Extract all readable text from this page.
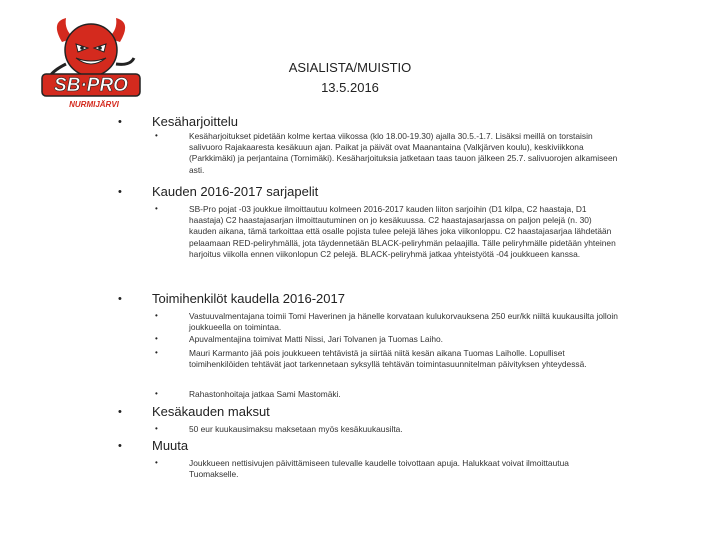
SB·PRO
NURMIJÄRVI
ASIALISTA/MUISTIO
13.5.2016
• Kesäharjoittelu
•	Kesäharjoitukset pidetään kolme kertaa viikossa (klo 18.00-19.30) ajalla 30.5.-1.7. Lisäksi meillä on torstaisin salivuoro Rajakaaresta kesäkuun ajan. Paikat ja päivät ovat Maanantaina (Valkjärven koulu), keskiviikkona (Parkkimäki) ja perjantaina (Tornimäki). Kesäharjoituksia jatketaan taas tauon jälkeen 25.7. salivuorojen alkamiseen asti.
• Kauden 2016-2017 sarjapelit
•	SB-Pro pojat -03 joukkue ilmoittautuu kolmeen 2016-2017 kauden liiton sarjoihin (D1 kilpa, C2 haastaja, D1 haastaja) C2 haastajasarjan ilmoittautuminen on jo kesäkuussa. C2 haastajasarjassa on paljon pelejä (n. 30) kauden aikana, tämä tarkoittaa että osalle pojista tulee pelejä lähes joka viikonloppu. C2 haastajasarjaa lähdetään pelaamaan RED-peliryhmällä, jota täydennetään BLACK-peliryhmän pelaajilla. Tälle peliryhmälle pidetään yhteinen harjoitus viikolla ennen viikonlopun C2 pelejä. BLACK-peliryhmä jatkaa yhteistyötä -04 joukkueen kanssa.
• Toimihenkilöt kaudella 2016-2017
•	Vastuuvalmentajana toimii Tomi Haverinen ja hänelle korvataan kulukorvauksena 250 eur/kk niiltä kuukausilta jolloin joukkueella on toimintaa.
•	Apuvalmentajina toimivat Matti Nissi, Jari Tolvanen ja Tuomas Laiho.
•	Mauri Karmanto jää pois joukkueen tehtävistä ja siirtää niitä kesän aikana Tuomas Laiholle. Lopulliset toimihenkilöiden tehtävät jaot tarkennetaan syksyllä tehtävän toimintasuunnitelman päivityksen yhteydessä.
•	Rahastonhoitaja jatkaa Sami Mastomäki.
• Kesäkauden maksut
•	50 eur kuukausimaksu maksetaan myös kesäkuukausilta.
• Muuta
•	Joukkueen nettisivujen päivittämiseen tulevalle kaudelle toivottaan apuja. Halukkaat voivat ilmoittautua Tuomakselle.
